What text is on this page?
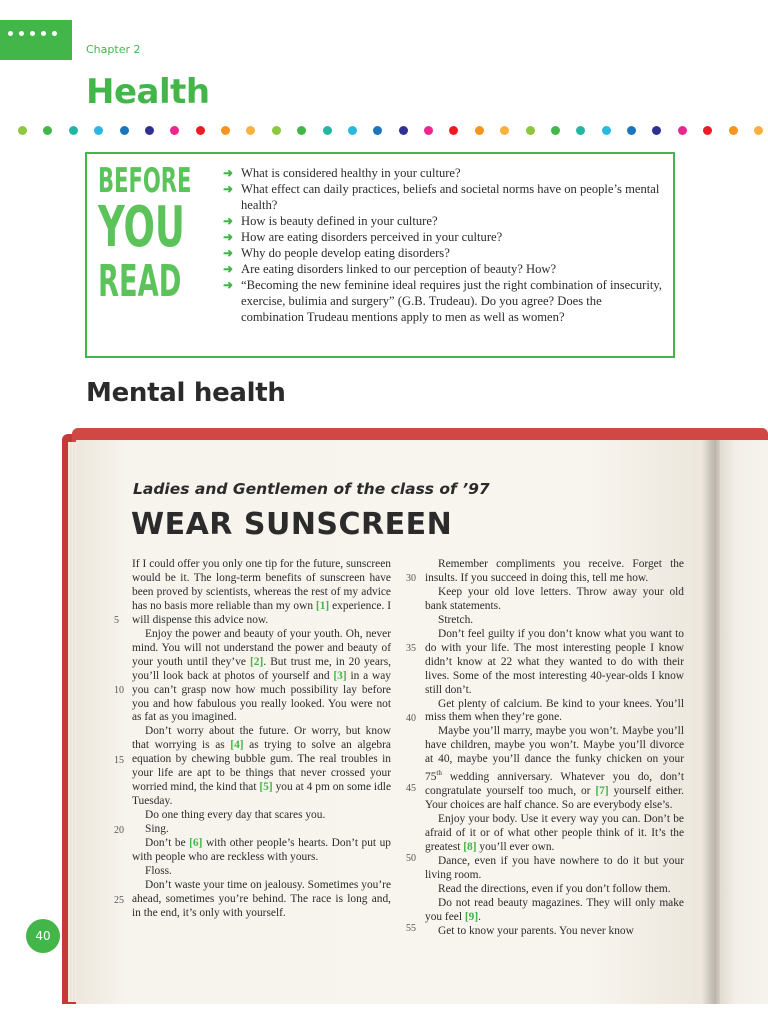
Chapter 2
Health
BEFORE
YOU
READ
➜ What is considered healthy in your culture?
➜ What effect can daily practices, beliefs and societal norms have on people’s mental health?
➜ How is beauty defined in your culture?
➜ How are eating disorders perceived in your culture?
➜ Why do people develop eating disorders?
➜ Are eating disorders linked to our perception of beauty? How?
➜ “Becoming the new feminine ideal requires just the right combination of insecurity, exercise, bulimia and surgery” (G.B. Trudeau). Do you agree? Does the combination Trudeau mentions apply to men as well as women?
Mental health
Ladies and Gentlemen of the class of ’97
WEAR SUNSCREEN

If I could offer you only one tip for the future, sunscreen would be it. The long-term benefits of sunscreen have been proved by scientists, whereas the rest of my advice has no basis more reliable than my own [1] experience. I will dispense this advice now.

Enjoy the power and beauty of your youth. Oh, never mind. You will not understand the power and beauty of your youth until they’ve [2]. But trust me, in 20 years, you’ll look back at photos of yourself and [3] in a way you can’t grasp now how much possibility lay before you and how fabulous you really looked. You were not as fat as you imagined.

Don’t worry about the future. Or worry, but know that worrying is as [4] as trying to solve an algebra equation by chewing bubble gum. The real troubles in your life are apt to be things that never crossed your worried mind, the kind that [5] you at 4 pm on some idle Tuesday.

Do one thing every day that scares you.

Sing.

Don’t be [6] with other people’s hearts. Don’t put up with people who are reckless with yours.

Floss.

Don’t waste your time on jealousy. Sometimes you’re ahead, sometimes you’re behind. The race is long and, in the end, it’s only with yourself.

Remember compliments you receive. Forget the insults. If you succeed in doing this, tell me how.

Keep your old love letters. Throw away your old bank statements.

Stretch.

Don’t feel guilty if you don’t know what you want to do with your life. The most interesting people I know didn’t know at 22 what they wanted to do with their lives. Some of the most interesting 40-year-olds I know still don’t.

Get plenty of calcium. Be kind to your knees. You’ll miss them when they’re gone.

Maybe you’ll marry, maybe you won’t. Maybe you’ll have children, maybe you won’t. Maybe you’ll divorce at 40, maybe you’ll dance the funky chicken on your 75th wedding anniversary. Whatever you do, don’t congratulate yourself too much, or [7] yourself either. Your choices are half chance. So are everybody else’s.

Enjoy your body. Use it every way you can. Don’t be afraid of it or of what other people think of it. It’s the greatest [8] you’ll ever own.

Dance, even if you have nowhere to do it but your living room.

Read the directions, even if you don’t follow them.

Do not read beauty magazines. They will only make you feel [9].

Get to know your parents. You never know

5
10
15
20
25
30
35
40
45
50
55
40
